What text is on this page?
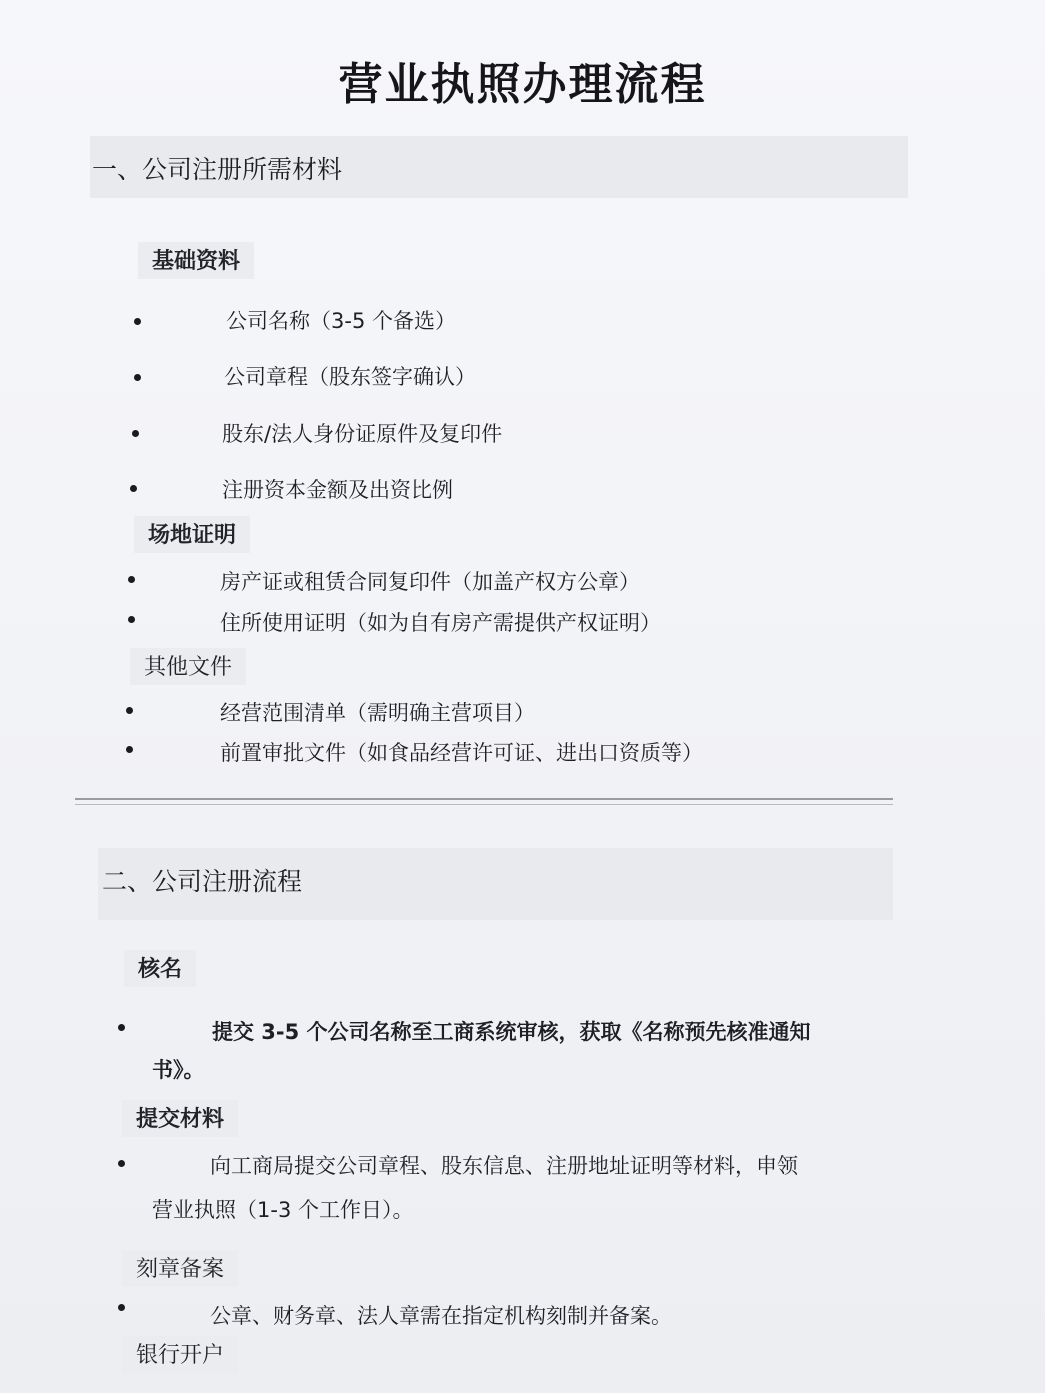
营业执照办理流程
一、公司注册所需材料
基础资料
公司名称（3-5 个备选）
公司章程（股东签字确认）
股东/法人身份证原件及复印件
注册资本金额及出资比例
场地证明
房产证或租赁合同复印件（加盖产权方公章）
住所使用证明（如为自有房产需提供产权证明）
其他文件
经营范围清单（需明确主营项目）
前置审批文件（如食品经营许可证、进出口资质等）
二、公司注册流程
核名
提交 3-5 个公司名称至工商系统审核，获取《名称预先核准通知
书》。
提交材料
向工商局提交公司章程、股东信息、注册地址证明等材料，申领
营业执照（1-3 个工作日）。
刻章备案
公章、财务章、法人章需在指定机构刻制并备案。
银行开户
